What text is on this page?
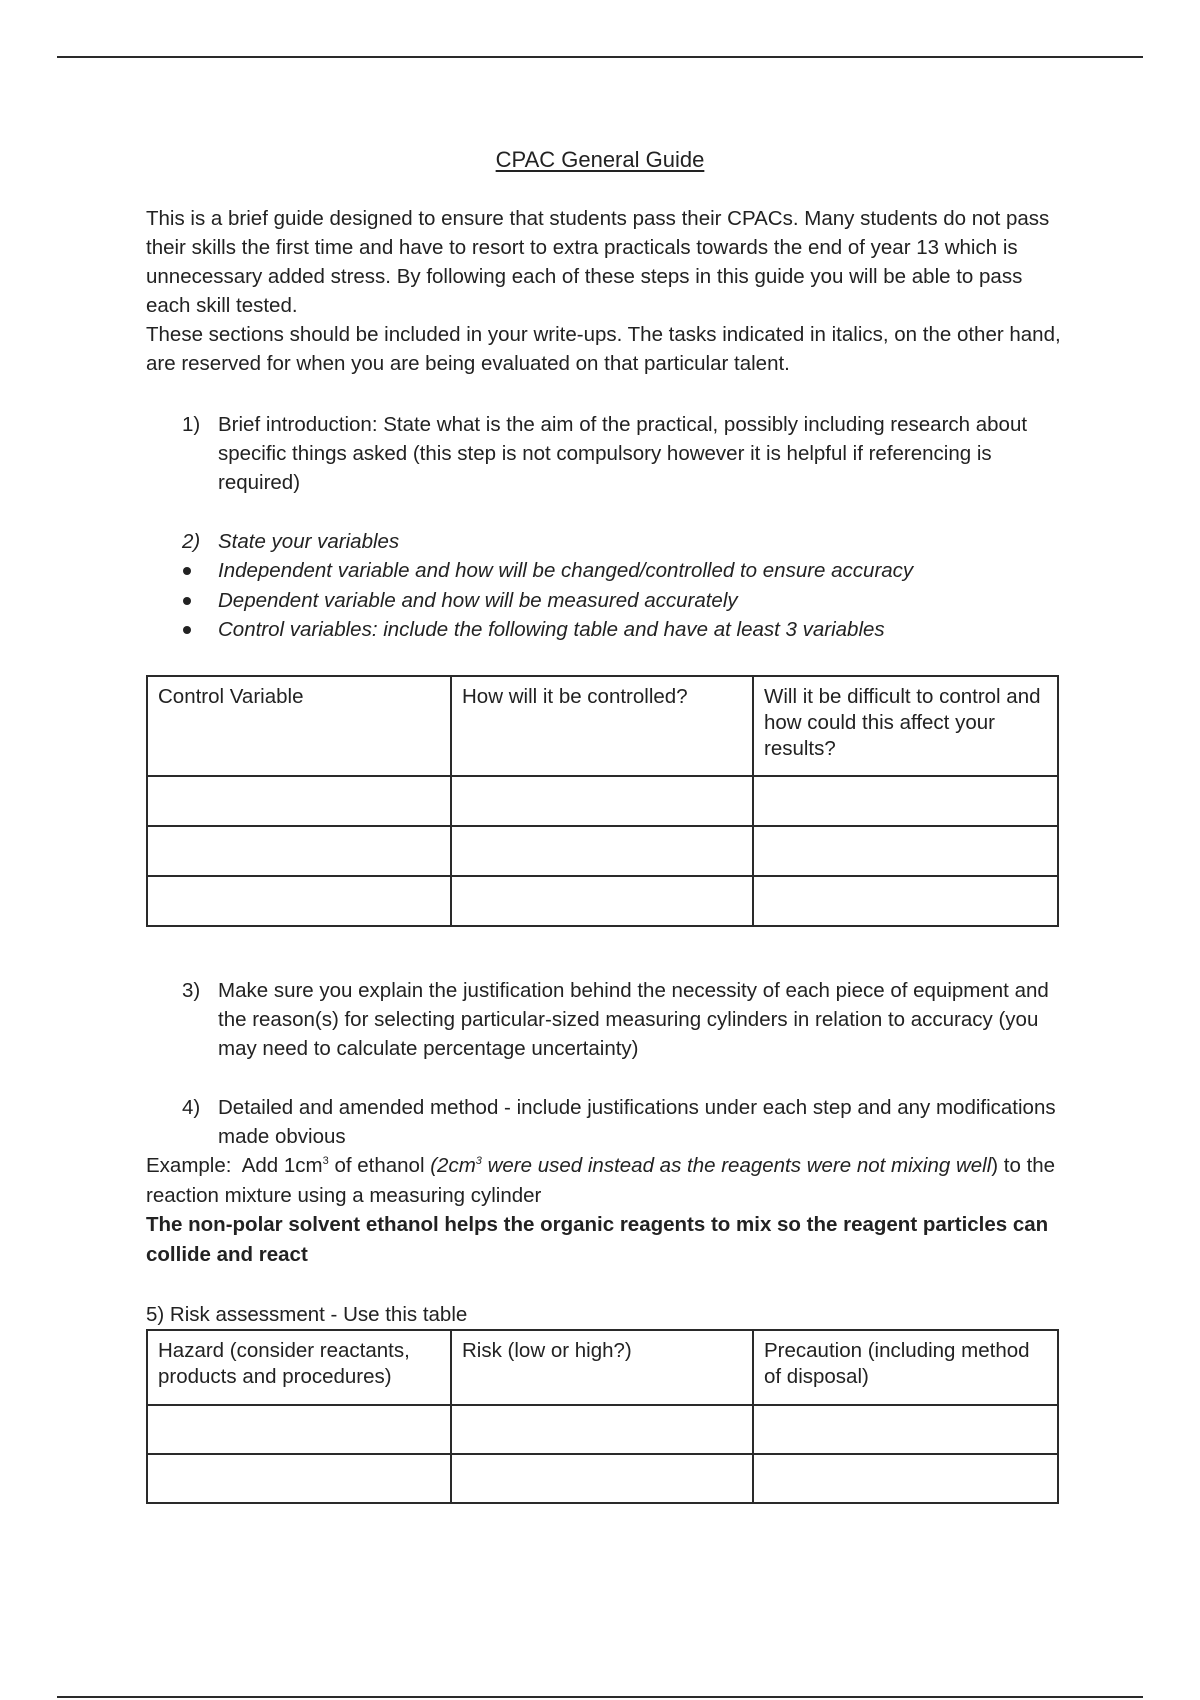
CPAC General Guide

This is a brief guide designed to ensure that students pass their CPACs. Many students do not pass their skills the first time and have to resort to extra practicals towards the end of year 13 which is unnecessary added stress. By following each of these steps in this guide you will be able to pass each skill tested.

These sections should be included in your write-ups. The tasks indicated in italics, on the other hand, are reserved for when you are being evaluated on that particular talent.

1) Brief introduction: State what is the aim of the practical, possibly including research about specific things asked (this step is not compulsory however it is helpful if referencing is required)
2) State your variables
Independent variable and how will be changed/controlled to ensure accuracy
Dependent variable and how will be measured accurately
Control variables: include the following table and have at least 3 variables
Control Variable	How will it be controlled?	Will it be difficult to control and how could this affect your results?

3) Make sure you explain the justification behind the necessity of each piece of equipment and the reason(s) for selecting particular-sized measuring cylinders in relation to accuracy (you may need to calculate percentage uncertainty)
4) Detailed and amended method - include justifications under each step and any modifications made obvious

Example: Add $1cm^3$ of ethanol ($2cm^3$ were used instead as the reagents were not mixing well) to the reaction mixture using a measuring cylinder

The non-polar solvent ethanol helps the organic reagents to mix so the reagent particles can collide and react

5) Risk assessment - Use this table
Hazard (consider reactants, products and procedures)	Risk (low or high?)	Precaution (including method of disposal)
